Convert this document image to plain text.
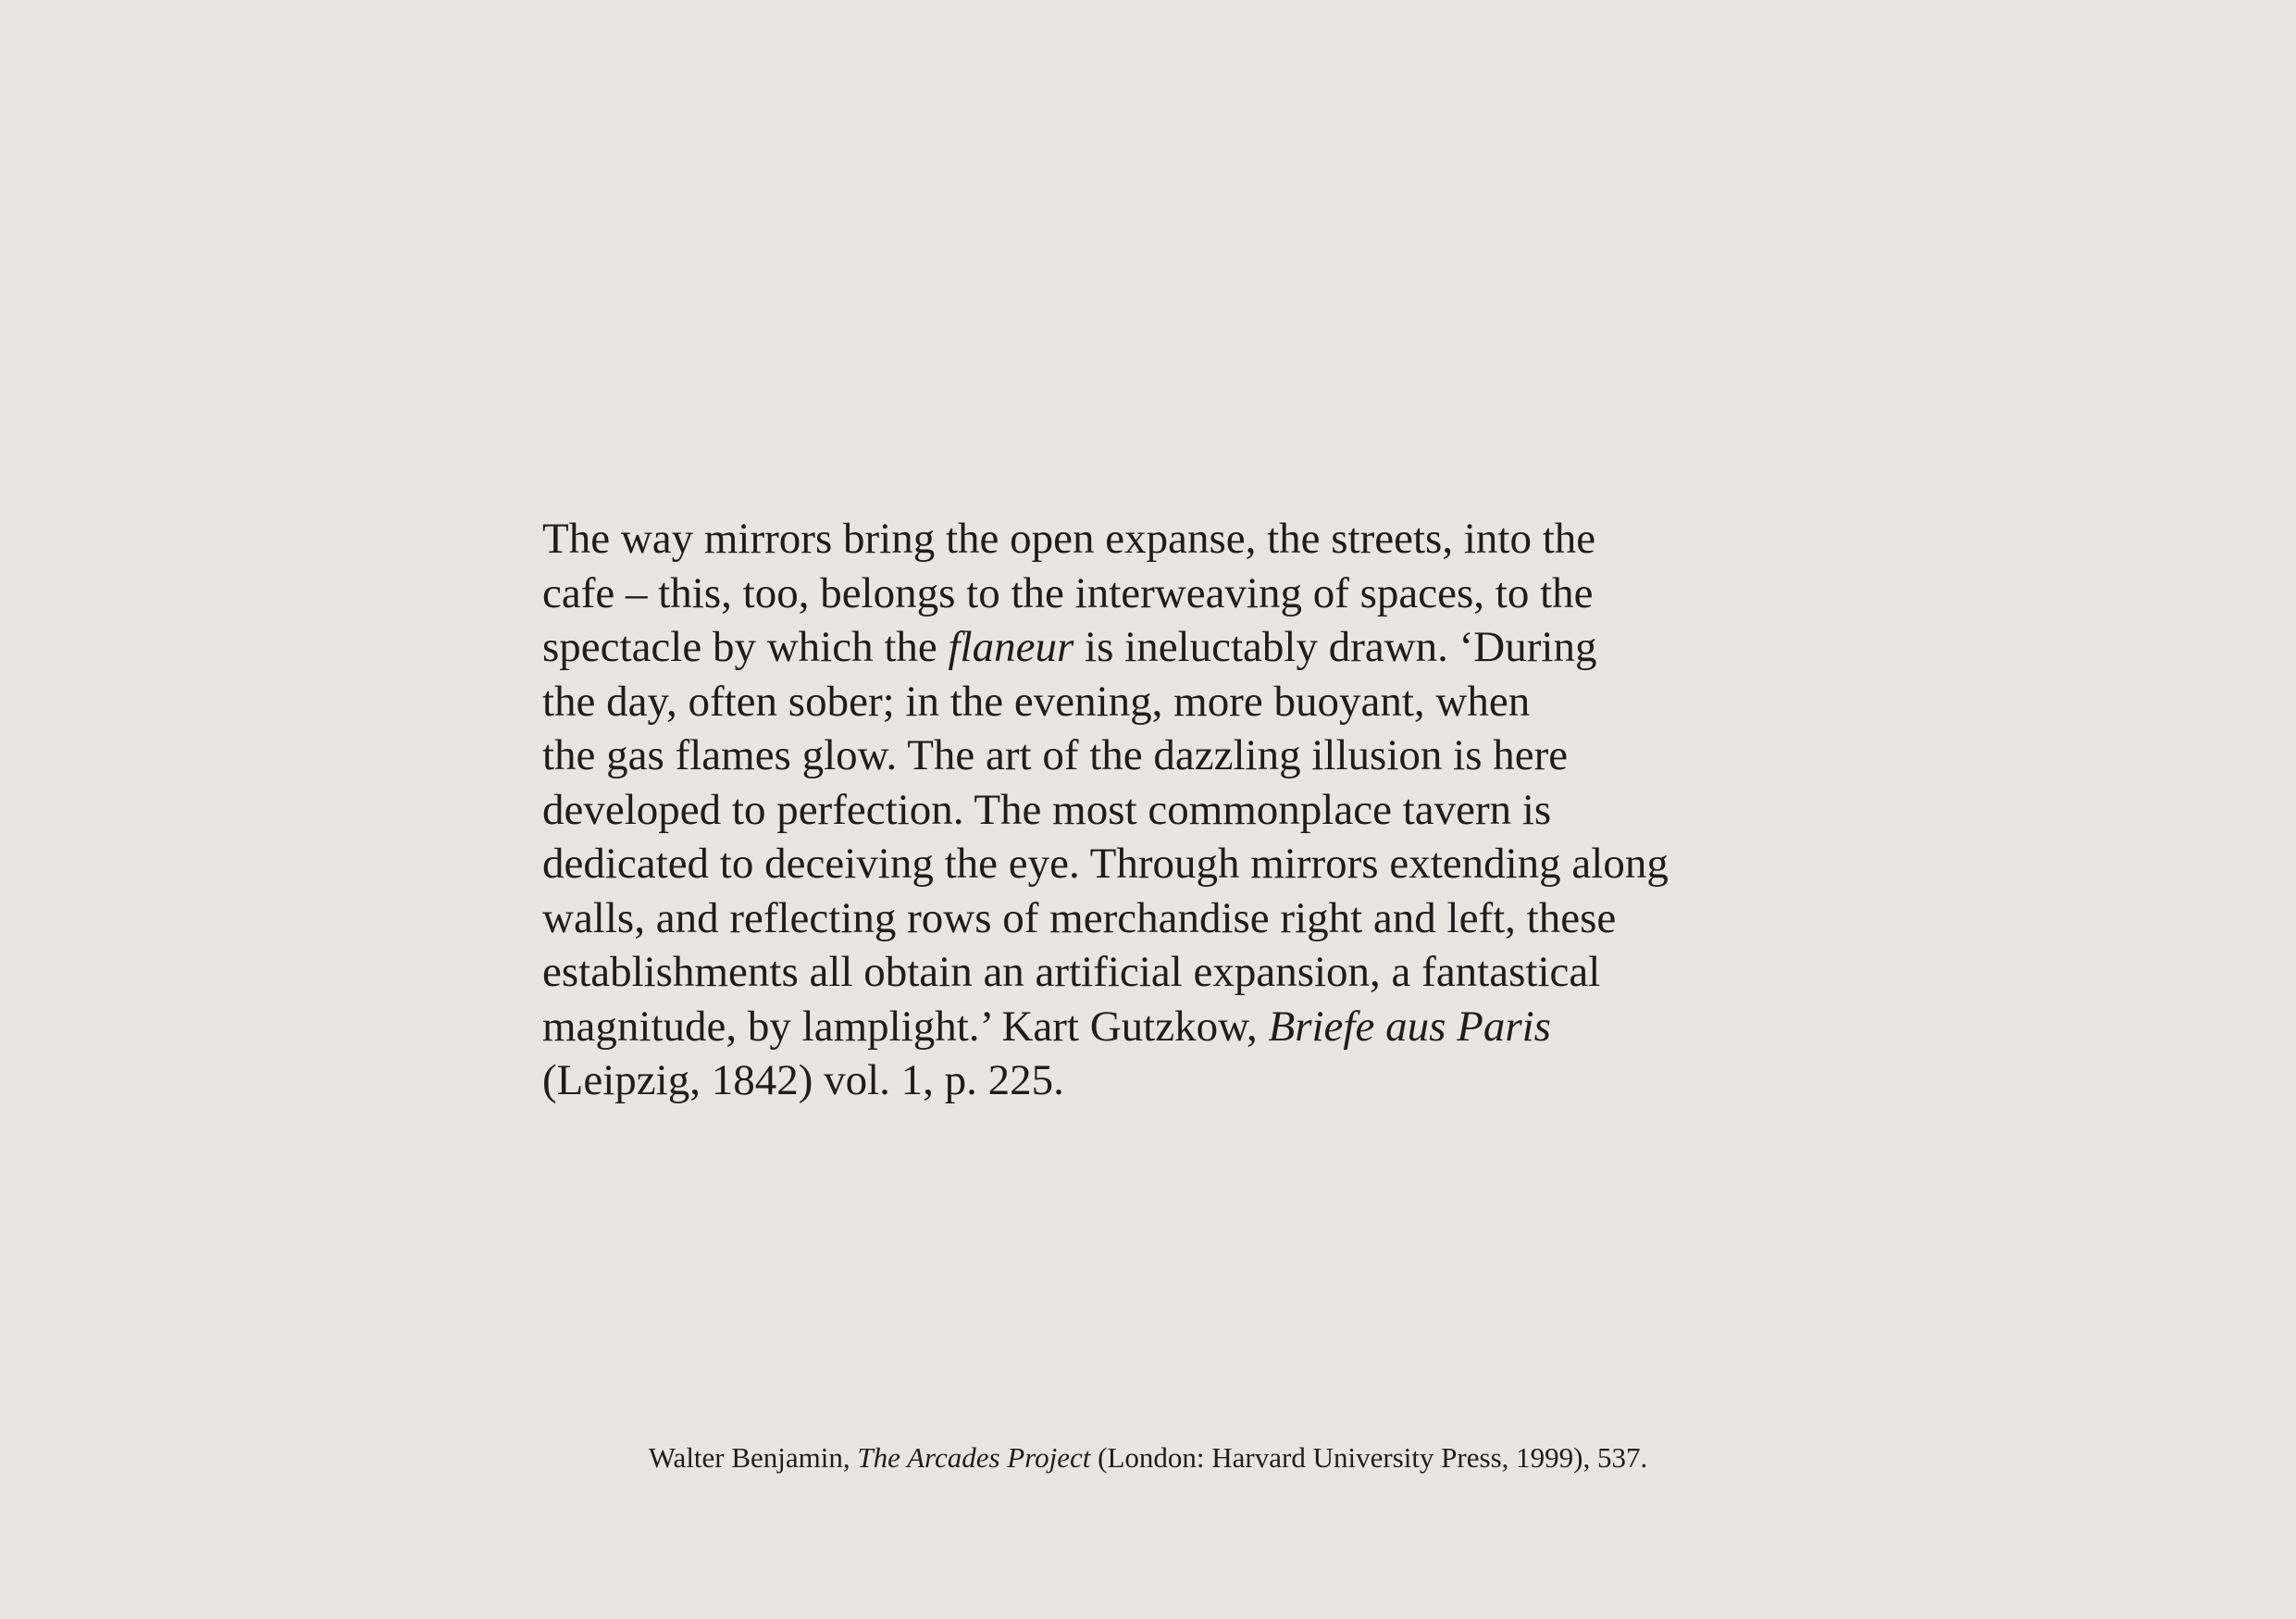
The way mirrors bring the open expanse, the streets, into the
cafe – this, too, belongs to the interweaving of spaces, to the
spectacle by which the flaneur is ineluctably drawn. ‘During
the day, often sober; in the evening, more buoyant, when
the gas flames glow. The art of the dazzling illusion is here
developed to perfection. The most commonplace tavern is
dedicated to deceiving the eye. Through mirrors extending along
walls, and reflecting rows of merchandise right and left, these
establishments all obtain an artificial expansion, a fantastical
magnitude, by lamplight.’ Kart Gutzkow, Briefe aus Paris
(Leipzig, 1842) vol. 1, p. 225.

Walter Benjamin, The Arcades Project (London: Harvard University Press, 1999), 537.
